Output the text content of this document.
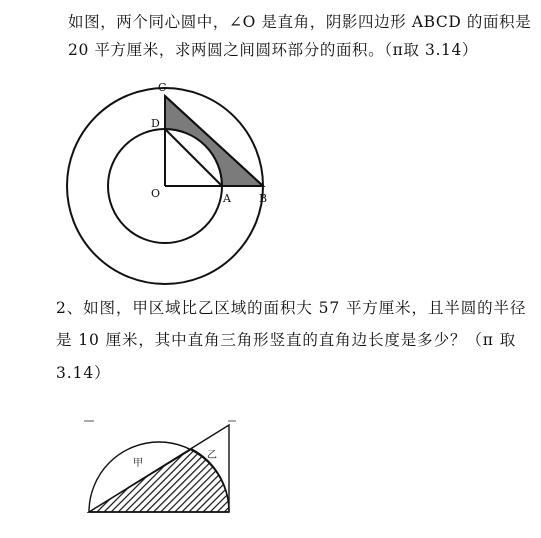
如图，两个同心圆中，∠O 是直角，阴影四边形 ABCD 的面积是
20 平方厘米，求两圆之间圆环部分的面积。（π取 3.14）
C
D
O	A	B
甲
乙
2、如图，甲区域比乙区域的面积大 57 平方厘米，且半圆的半径
是 10 厘米，其中直角三角形竖直的直角边长度是多少？（π 取
3.14）
